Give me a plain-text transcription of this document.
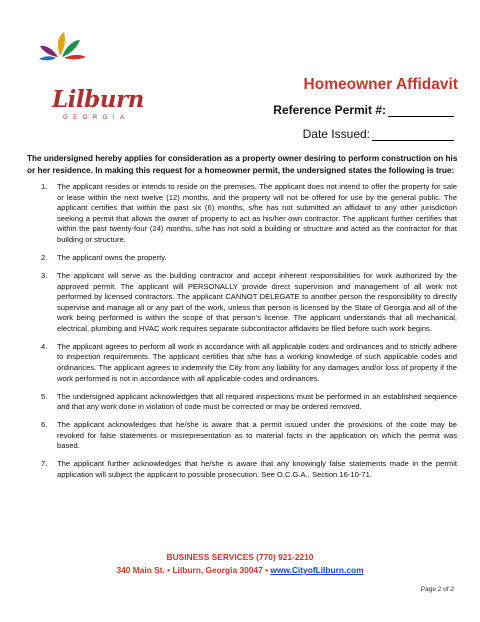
Lilburn
GEORGIA
Homeowner Affidavit
Reference Permit #:
Date Issued:
The undersigned hereby applies for consideration as a property owner desiring to perform construction on his or her residence. In making this request for a homeowner permit, the undersigned states the following is true:
1. The applicant resides or intends to reside on the premises. The applicant does not intend to offer the property for sale or lease within the next twelve (12) months, and the property will not be offered for use by the general public. The applicant certifies that within the past six (6) months, s/he has not submitted an affidavit to any other jurisdiction seeking a permit that allows the owner of property to act as his/her own contractor. The applicant further certifies that within the past twenty-four (24) months, s/he has not sold a building or structure and acted as the contractor for that building or structure.
2. The applicant owns the property.
3. The applicant will serve as the building contractor and accept inherent responsibilities for work authorized by the approved permit. The applicant will PERSONALLY provide direct supervision and management of all work not performed by licensed contractors. The applicant CANNOT DELEGATE to another person the responsibility to directly supervise and manage all or any part of the work, unless that person is licensed by the State of Georgia and all of the work being performed is within the scope of that person’s license. The applicant understands that all mechanical, electrical, plumbing and HVAC work requires separate subcontractor affidavits be filed before such work begins.
4. The applicant agrees to perform all work in accordance with all applicable codes and ordinances and to strictly adhere to inspection requirements. The applicant certifies that s/he has a working knowledge of such applicable codes and ordinances. The applicant agrees to indemnify the City from any liability for any damages and/or loss of property if the work performed is not in accordance with all applicable codes and ordinances.
5. The undersigned applicant acknowledges that all required inspections must be performed in an established sequence and that any work done in violation of code must be corrected or may be ordered removed.
6. The applicant acknowledges that he/she is aware that a permit issued under the provisions of the code may be revoked for false statements or misrepresentation as to material facts in the application on which the permit was based.
7. The applicant further acknowledges that he/she is aware that any knowingly false statements made in the permit application will subject the applicant to possible prosecution. See O.C.G.A., Section 16-10-71.
BUSINESS SERVICES (770) 921-2210
340 Main St. • Lilburn, Georgia 30047 • www.CityofLilburn.com
Page 2 of 2
